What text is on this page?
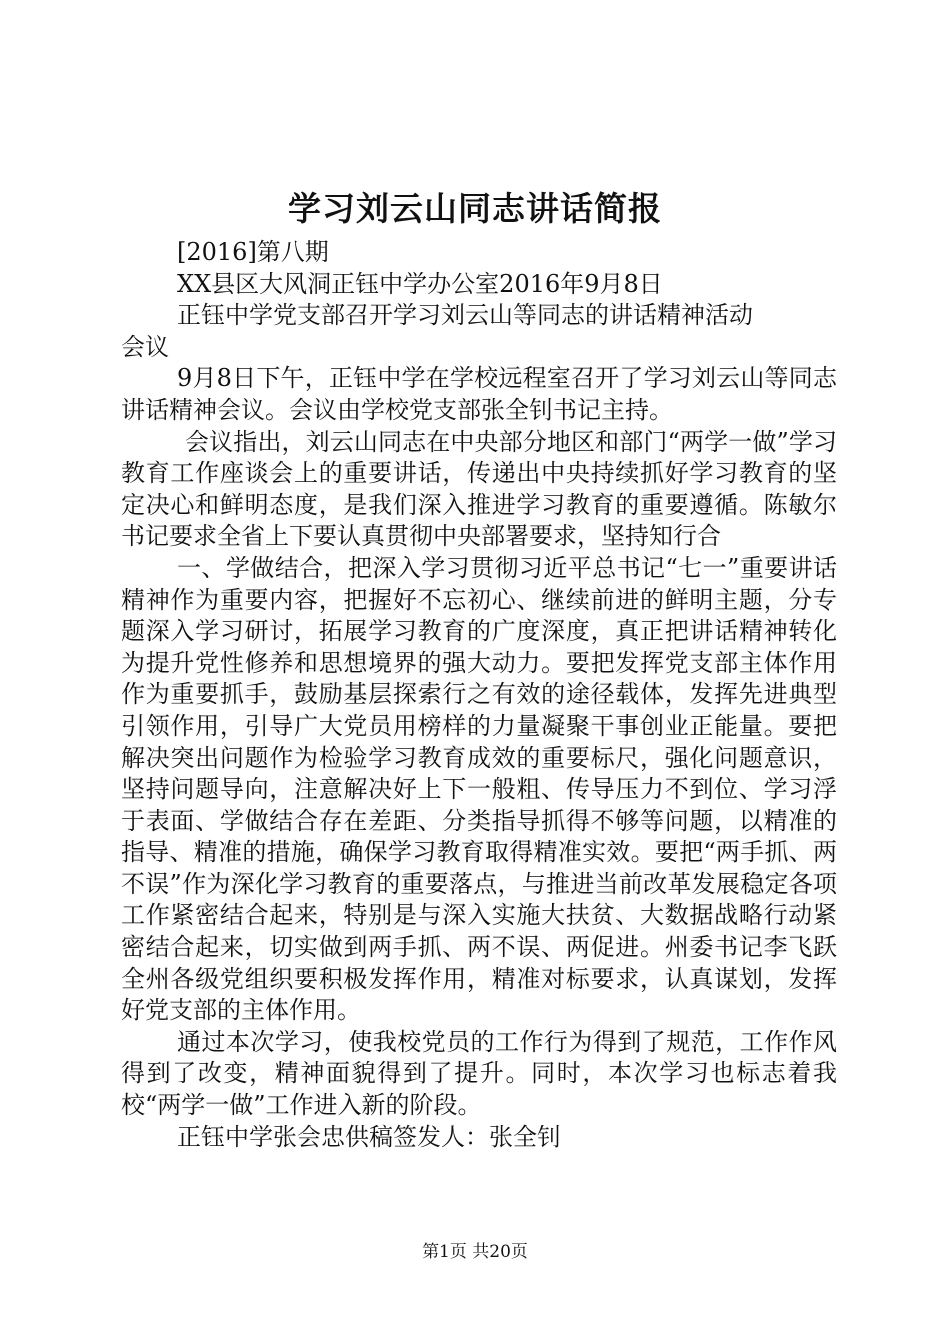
学习刘云山同志讲话简报

[2016]第八期

XX县区大风洞正钰中学办公室2016年9月8日

正钰中学党支部召开学习刘云山等同志的讲话精神活动会议

9月8日下午，正钰中学在学校远程室召开了学习刘云山等同志讲话精神会议。会议由学校党支部张全钊书记主持。

会议指出，刘云山同志在中央部分地区和部门“两学一做”学习教育工作座谈会上的重要讲话，传递出中央持续抓好学习教育的坚定决心和鲜明态度，是我们深入推进学习教育的重要遵循。陈敏尔书记要求全省上下要认真贯彻中央部署要求，坚持知行合

一、学做结合，把深入学习贯彻习近平总书记“七一”重要讲话精神作为重要内容，把握好不忘初心、继续前进的鲜明主题，分专题深入学习研讨，拓展学习教育的广度深度，真正把讲话精神转化为提升党性修养和思想境界的强大动力。要把发挥党支部主体作用作为重要抓手，鼓励基层探索行之有效的途径载体，发挥先进典型引领作用，引导广大党员用榜样的力量凝聚干事创业正能量。要把解决突出问题作为检验学习教育成效的重要标尺，强化问题意识，坚持问题导向，注意解决好上下一般粗、传导压力不到位、学习浮于表面、学做结合存在差距、分类指导抓得不够等问题，以精准的指导、精准的措施，确保学习教育取得精准实效。要把“两手抓、两不误”作为深化学习教育的重要落点，与推进当前改革发展稳定各项工作紧密结合起来，特别是与深入实施大扶贫、大数据战略行动紧密结合起来，切实做到两手抓、两不误、两促进。州委书记李飞跃全州各级党组织要积极发挥作用，精准对标要求，认真谋划，发挥好党支部的主体作用。

通过本次学习，使我校党员的工作行为得到了规范，工作作风得到了改变，精神面貌得到了提升。同时，本次学习也标志着我校“两学一做”工作进入新的阶段。

正钰中学张会忠供稿签发人：张全钊

第1页 共20页
